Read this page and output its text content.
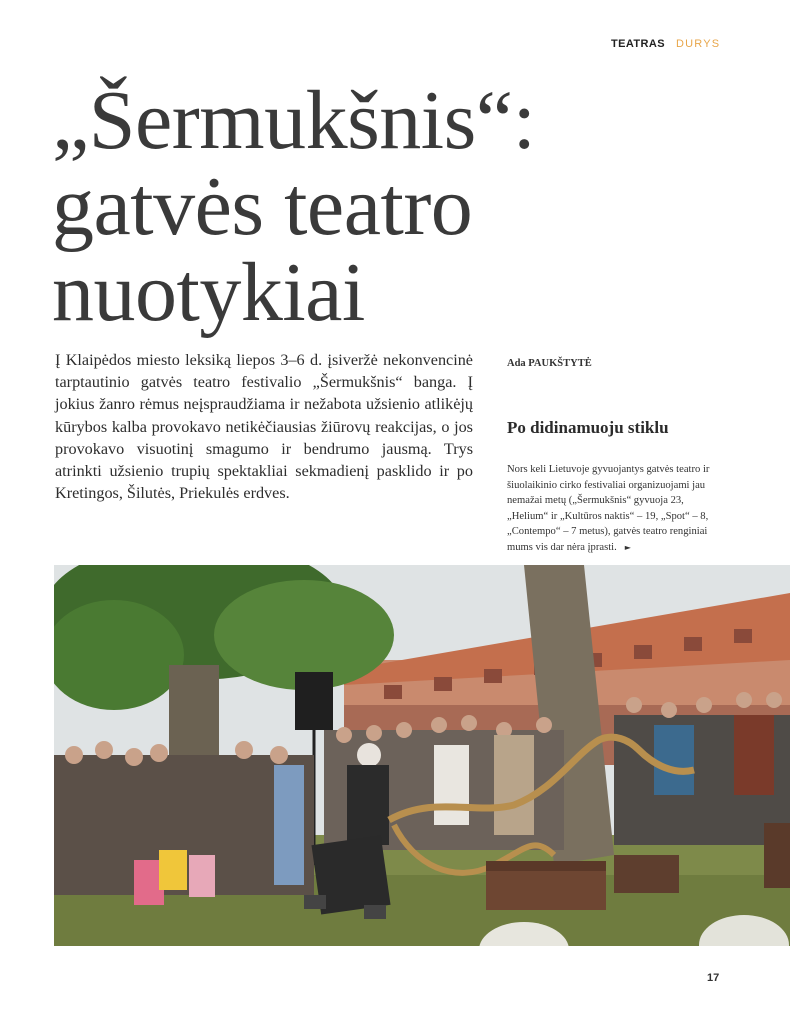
TEATRAS DURYS
„Šermukšnis“:
gatvės teatro
nuotykiai

Į Klaipėdos miesto leksiką liepos 3–6 d. įsiveržė nekonvencinė tarptautinio gatvės teatro festivalio „Šermukšnis“ banga. Į jokius žanro rėmus neįspraudžiama ir nežabota užsienio atlikėjų kūrybos kalba provokavo netikėčiausias žiūrovų reakcijas, o jos provokavo visuotinį smagumo ir bendrumo jausmą. Trys atrinkti užsienio trupių spektakliai sekmadienį pasklido ir po Kretingos, Šilutės, Priekulės erdves.

Ada PAUKŠTYTĖ
Po didinamuoju stiklu

Nors keli Lietuvoje gyvuojantys gatvės teatro ir šiuolaikinio cirko festivaliai organizuojami jau nemažai metų („Šermukšnis“ gyvuoja 23, „Helium“ ir „Kultūros naktis“ – 19, „Spot“ – 8, „Contempo“ – 7 metus), gatvės teatro renginiai mums vis dar nėra įprasti. ►

17
